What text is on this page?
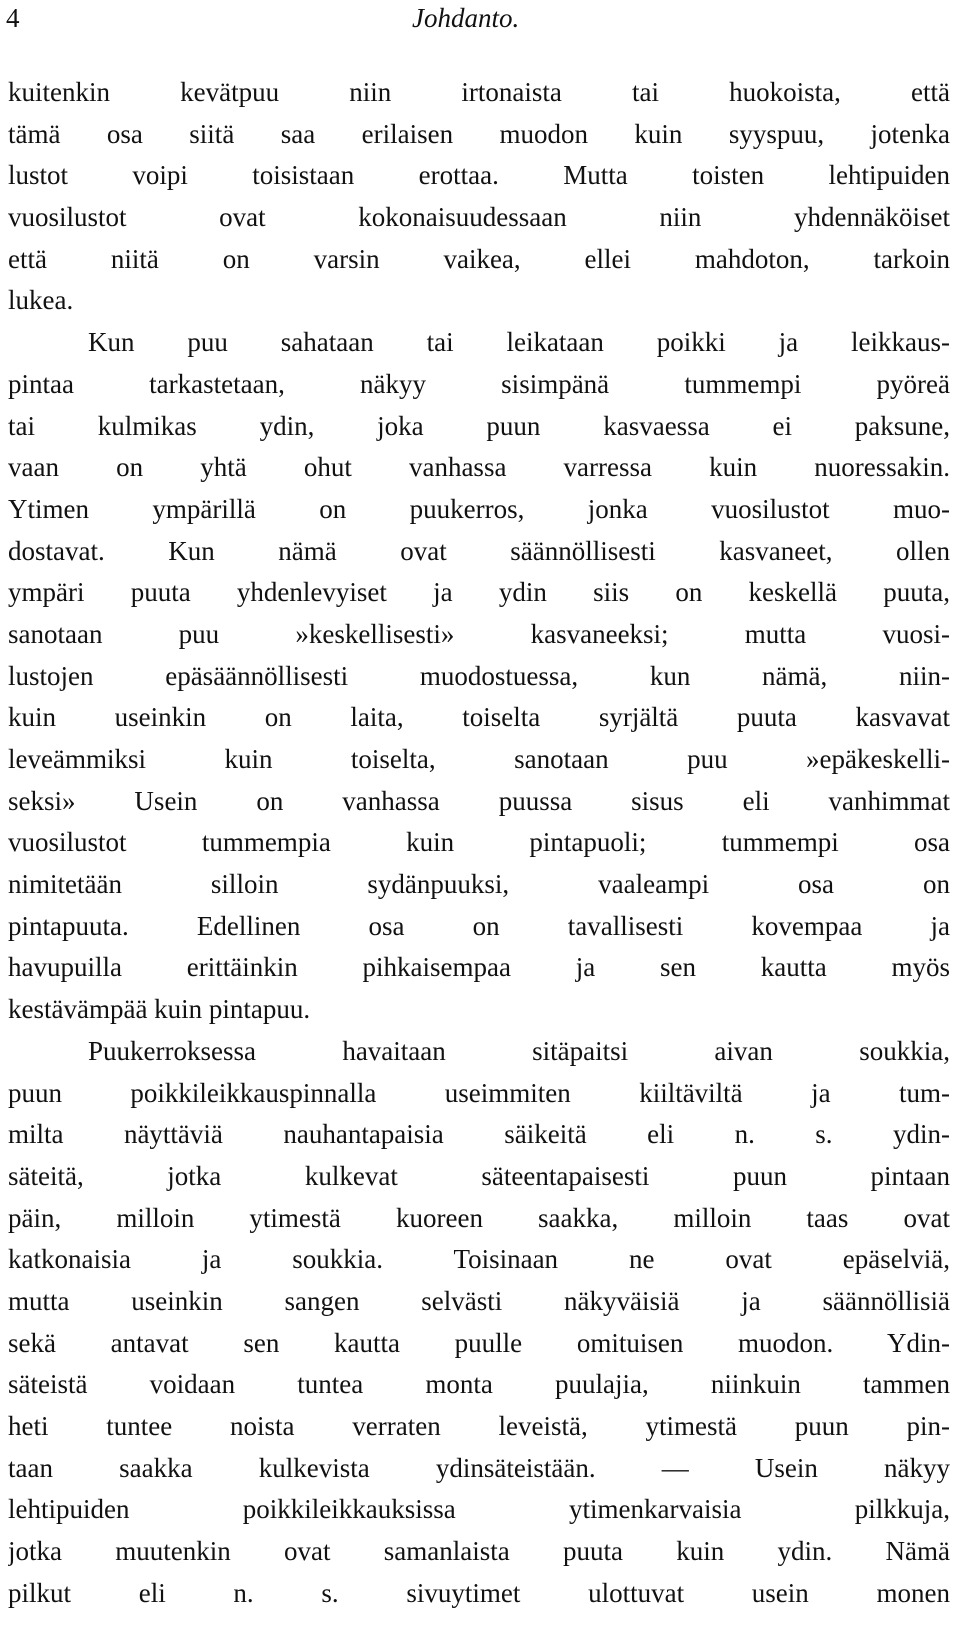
4	Johdanto.
kuitenkin kevätpuu niin irtonaista tai huokoista, että
tämä osa siitä saa erilaisen muodon kuin syyspuu, jotenka
lustot voipi toisistaan erottaa. Mutta toisten lehtipuiden
vuosilustot ovat kokonaisuudessaan niin yhdennäköiset
että niitä on varsin vaikea, ellei mahdoton, tarkoin
lukea.
Kun puu sahataan tai leikataan poikki ja leikkaus-
pintaa tarkastetaan, näkyy sisimpänä tummempi pyöreä
tai kulmikas ydin, joka puun kasvaessa ei paksune,
vaan on yhtä ohut vanhassa varressa kuin nuoressakin.
Ytimen ympärillä on puukerros, jonka vuosilustot muo-
dostavat. Kun nämä ovat säännöllisesti kasvaneet, ollen
ympäri puuta yhdenlevyiset ja ydin siis on keskellä puuta,
sanotaan puu »keskellisesti» kasvaneeksi; mutta vuosi-
lustojen epäsäännöllisesti muodostuessa, kun nämä, niin-
kuin useinkin on laita, toiselta syrjältä puuta kasvavat
leveämmiksi kuin toiselta, sanotaan puu »epäkeskelli-
seksi» Usein on vanhassa puussa sisus eli vanhimmat
vuosilustot tummempia kuin pintapuoli; tummempi osa
nimitetään silloin sydänpuuksi, vaaleampi osa on
pintapuuta. Edellinen osa on tavallisesti kovempaa ja
havupuilla erittäinkin pihkaisempaa ja sen kautta myös
kestävämpää kuin pintapuu.
Puukerroksessa havaitaan sitäpaitsi aivan soukkia,
puun poikkileikkauspinnalla useimmiten kiiltäviltä ja tum-
milta näyttäviä nauhantapaisia säikeitä eli n. s. ydin-
säteitä, jotka kulkevat säteentapaisesti puun pintaan
päin, milloin ytimestä kuoreen saakka, milloin taas ovat
katkonaisia ja soukkia. Toisinaan ne ovat epäselviä,
mutta useinkin sangen selvästi näkyväisiä ja säännöllisiä
sekä antavat sen kautta puulle omituisen muodon. Ydin-
säteistä voidaan tuntea monta puulajia, niinkuin tammen
heti tuntee noista verraten leveistä, ytimestä puun pin-
taan saakka kulkevista ydinsäteistään. — Usein näkyy
lehtipuiden poikkileikkauksissa ytimenkarvaisia pilkkuja,
jotka muutenkin ovat samanlaista puuta kuin ydin. Nämä
pilkut eli n. s. sivuytimet ulottuvat usein monen
